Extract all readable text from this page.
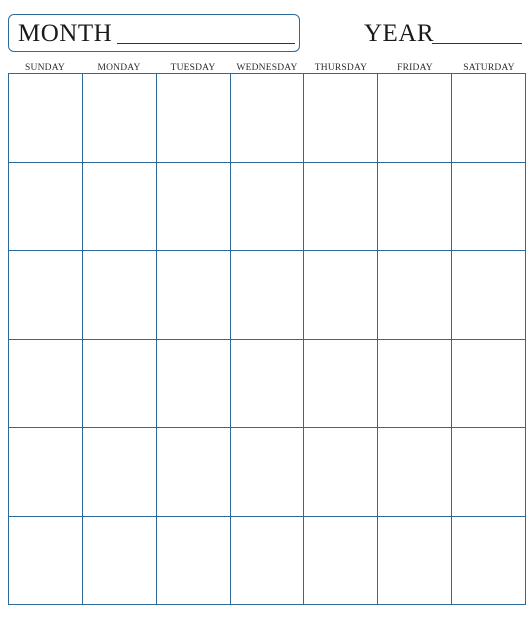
MONTH	YEAR
SUNDAY	MONDAY	TUESDAY	WEDNESDAY	THURSDAY	FRIDAY	SATURDAY
